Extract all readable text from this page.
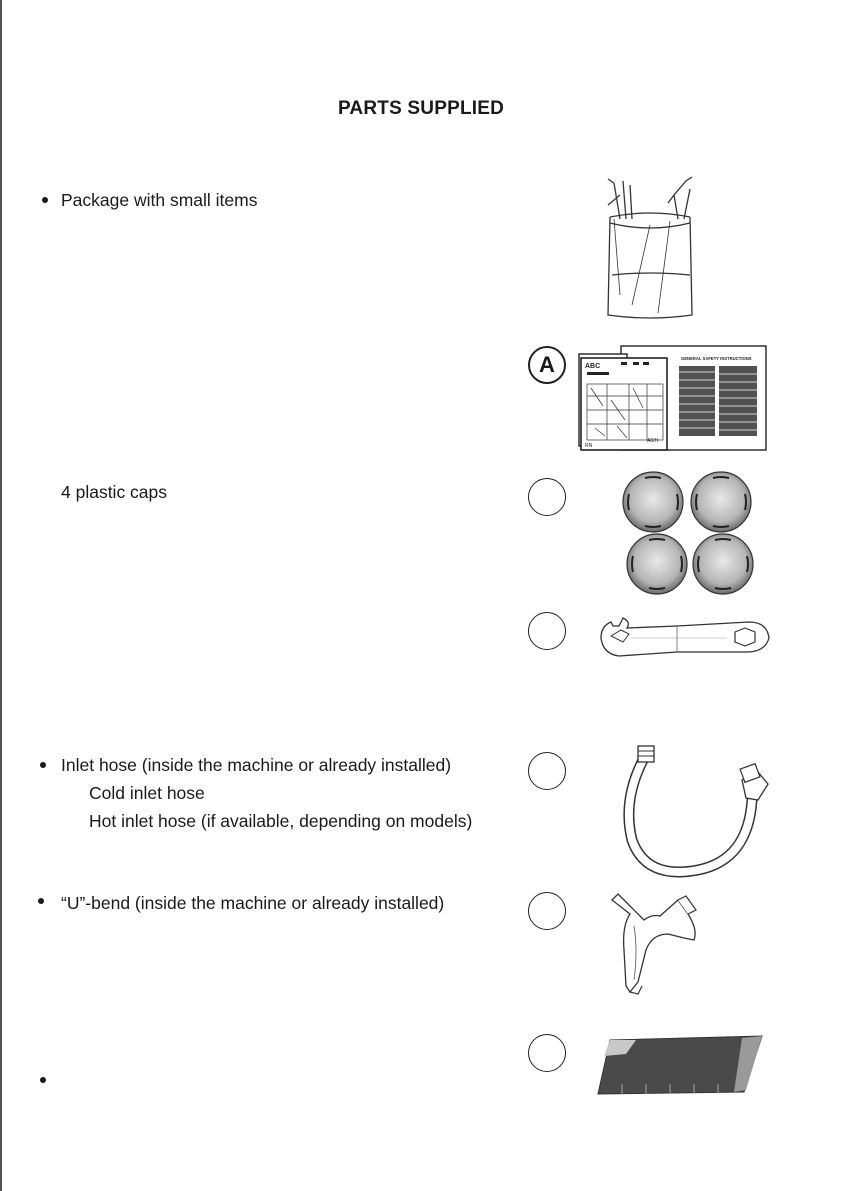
PARTS SUPPLIED
Package with small items
A	ABC
RN
A0/H
GENERAL SAFETY INSTRUCTIONS
4 plastic caps
Inlet hose (inside the machine or already installed)
Cold inlet hose
Hot inlet hose (if available, depending on models)
“U”-bend (inside the machine or already installed)
